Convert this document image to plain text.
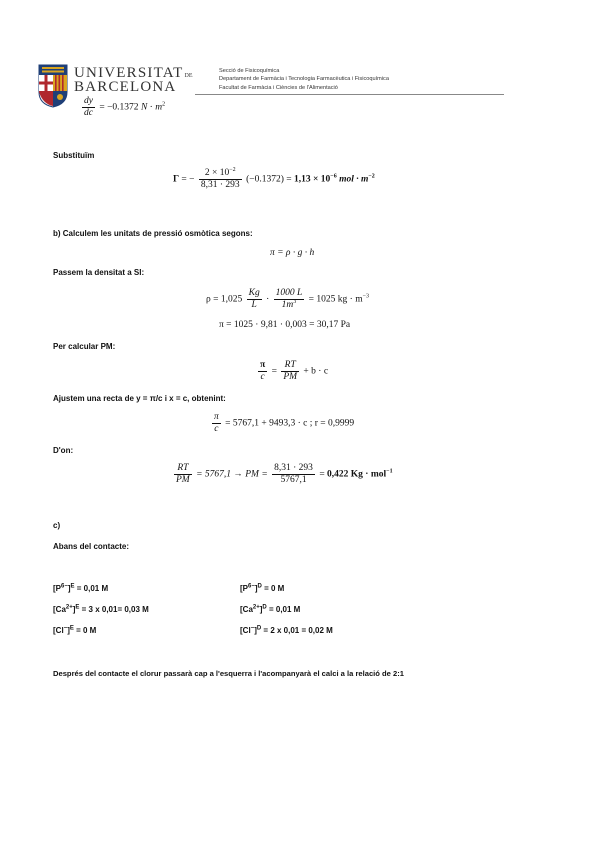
UNIVERSITATDE
BARCELONA
Secció de Fisicoquímica
Departament de Farmàcia i Tecnologia Farmacèutica i Fisicoquímica
Facultat de Farmàcia i Ciències de l'Alimentació
$\frac{dy}{dc} = -0.1372$ $N \cdot m^2$
Substituïm
Γ = − $\frac{2 \times 10^{-2}}{8,31 \cdot 293} (-0.1372) = 1,13 \times 10^{-6}$ mol · $m^{-2}$
b) Calculem les unitats de pressió osmòtica segons:
π = ρ · g · h
Passem la densitat a SI:
$\rho = 1,025 \frac{Kg}{L} \cdot \frac{1000 L}{1m^3} = 1025$ kg · $m^{-3}$
π = 1025 · 9,81 · 0,003 = 30,17 Pa
Per calcular PM:
$\frac{\pi}{c} = \frac{RT}{PM} + b \cdot c$
Ajustem una recta de y = π/c i x = c, obtenint:
$\frac{\pi}{c} = 5767,1 + 9493,3 \cdot c$ ; r = 0,9999
D'on:
$\frac{RT}{PM} = 5767,1$ → PM = $\frac{8,31 \cdot 293}{5767,1} = 0,422$ Kg · mol$^{-1}$
c)
Abans del contacte:
$[P^{6-}]^E = 0,01$ M
$[Ca^{2+}]^E = 3$ x 0,01= 0,03 M
$[Cl^-]^E = 0$ M
$[P^{6-}]^D = 0$ M
$[Ca^{2+}]^D = 0,01$ M
$[Cl^-]^D = 2$ x 0,01 = 0,02 M
Després del contacte el clorur passarà cap a l'esquerra i l'acompanyarà el calci a la relació de 2:1
